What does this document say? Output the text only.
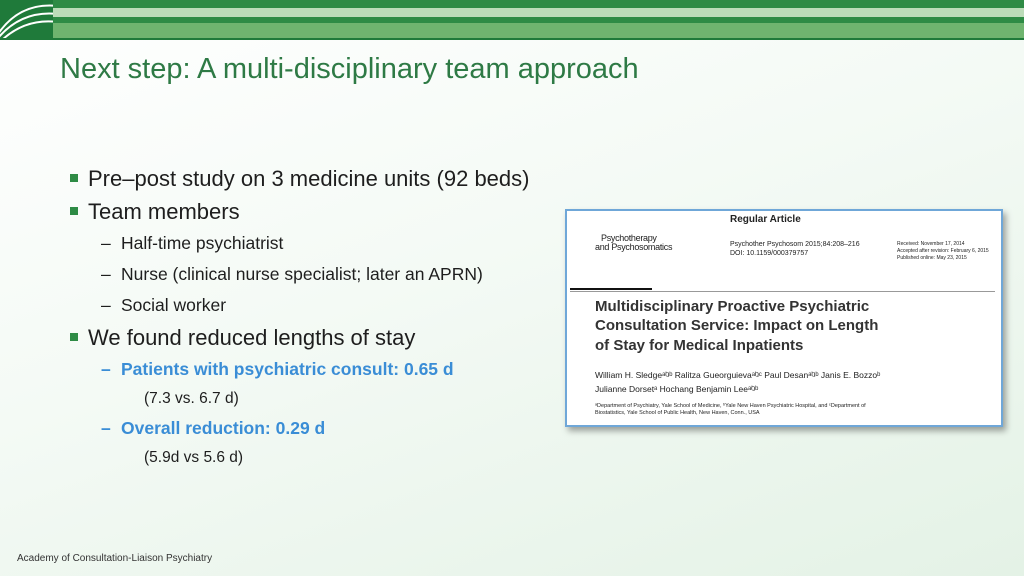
Next step: A multi-disciplinary team approach
Pre–post study on 3 medicine units (92 beds)
Team members
– Half-time psychiatrist
– Nurse (clinical nurse specialist; later an APRN)
– Social worker
We found reduced lengths of stay
– Patients with psychiatric consult: 0.65 d
(7.3 vs. 6.7 d)
– Overall reduction: 0.29 d
(5.9d vs 5.6 d)
Regular Article
Psychotherapy
and Psychosomatics	Psychother Psychosom 2015;84:208–216
DOI: 10.1159/000379757
Received: November 17, 2014
Accepted after revision: February 6, 2015
Published online: May 23, 2015
Multidisciplinary Proactive Psychiatric
Consultation Service: Impact on Length
of Stay for Medical Inpatients
William H. Sledgeᵃⱒᵇ Ralitza Gueorguievaᵃⱒᶜ Paul Desanᵃⱒᵇ Janis E. Bozzoᵇ
Julianne Dorsetᵃ Hochang Benjamin Leeᵃⱒᵇ
ᵃDepartment of Psychiatry, Yale School of Medicine, ᵇYale New Haven Psychiatric Hospital, and ᶜDepartment of
Biostatistics, Yale School of Public Health, New Haven, Conn., USA
Academy of Consultation-Liaison Psychiatry
